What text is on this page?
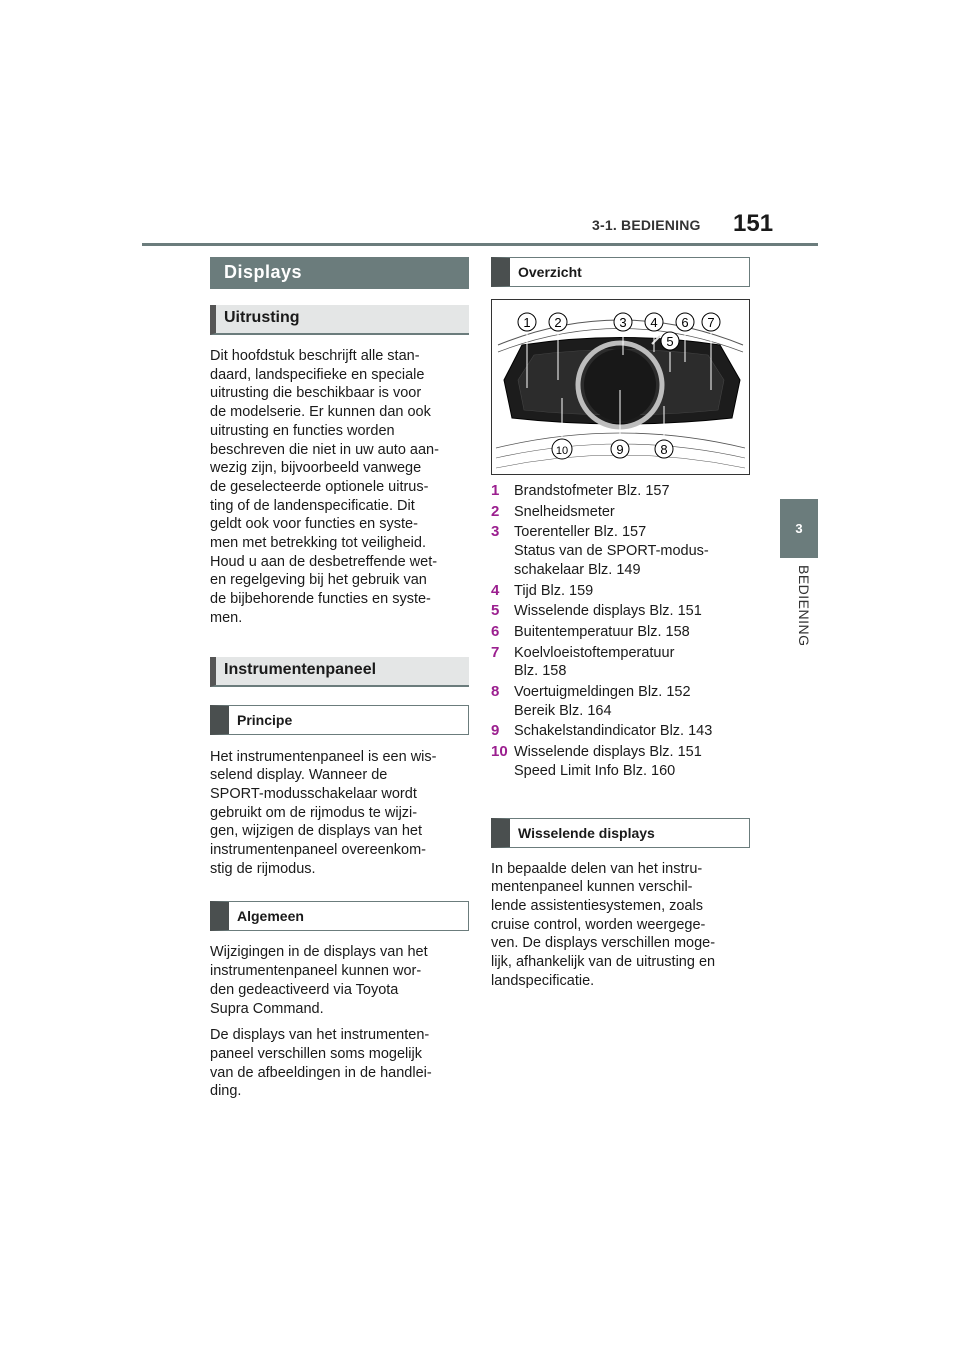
3-1. BEDIENING 151
3
BEDIENING
Displays
Uitrusting
Dit hoofdstuk beschrijft alle stan-
daard, landspecifieke en speciale
uitrusting die beschikbaar is voor
de modelserie. Er kunnen dan ook
uitrusting en functies worden
beschreven die niet in uw auto aan-
wezig zijn, bijvoorbeeld vanwege
de geselecteerde optionele uitrus-
ting of de landenspecificatie. Dit
geldt ook voor functies en syste-
men met betrekking tot veiligheid.
Houd u aan de desbetreffende wet-
en regelgeving bij het gebruik van
de bijbehorende functies en syste-
men.
Instrumentenpaneel
Principe
Het instrumentenpaneel is een wis-
selend display. Wanneer de
SPORT-modusschakelaar wordt
gebruikt om de rijmodus te wijzi-
gen, wijzigen de displays van het
instrumentenpaneel overeenkom-
stig de rijmodus.
Algemeen
Wijzigingen in de displays van het
instrumentenpaneel kunnen wor-
den gedeactiveerd via Toyota
Supra Command.
De displays van het instrumenten-
paneel verschillen soms mogelijk
van de afbeeldingen in de handlei-
ding.
Overzicht
1 2	3 4
5
6 7
8
9
10
1	Brandstofmeter Blz. 157
2	Snelheidsmeter
3	Toerenteller Blz. 157
Status van de SPORT-modus-
schakelaar Blz. 149
4	Tijd Blz. 159
5	Wisselende displays Blz. 151
6	Buitentemperatuur Blz. 158
7	Koelvloeistoftemperatuur
Blz. 158
8	Voertuigmeldingen Blz. 152
Bereik Blz. 164
9	Schakelstandindicator Blz. 143
10 Wisselende displays Blz. 151
Speed Limit Info Blz. 160
Wisselende displays
In bepaalde delen van het instru-
mentenpaneel kunnen verschil-
lende assistentiesystemen, zoals
cruise control, worden weergege-
ven. De displays verschillen moge-
lijk, afhankelijk van de uitrusting en
landspecificatie.
